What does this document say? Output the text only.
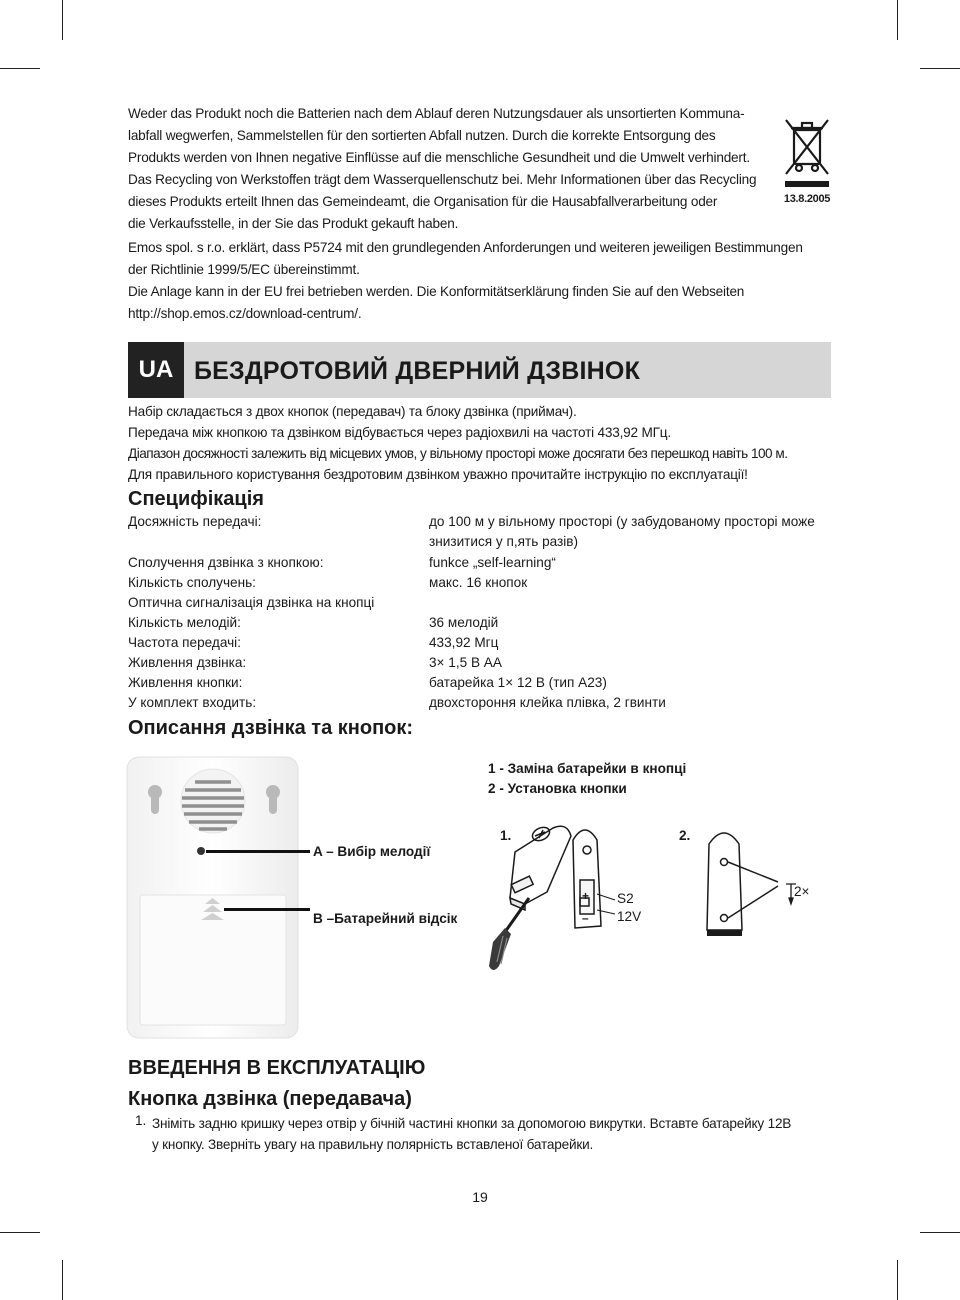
Weder das Produkt noch die Batterien nach dem Ablauf deren Nutzungsdauer als unsortierten Kommuna-

labfall wegwerfen, Sammelstellen für den sortierten Abfall nutzen. Durch die korrekte Entsorgung des

Produkts werden von Ihnen negative Einflüsse auf die menschliche Gesundheit und die Umwelt verhindert.

Das Recycling von Werkstoffen trägt dem Wasserquellenschutz bei. Mehr Informationen über das Recycling

dieses Produkts erteilt Ihnen das Gemeindeamt, die Organisation für die Hausabfallverarbeitung oder

die Verkaufsstelle, in der Sie das Produkt gekauft haben.

13.8.2005

Emos spol. s r.o. erklärt, dass P5724 mit den grundlegenden Anforderungen und weiteren jeweiligen Bestimmungen

der Richtlinie 1999/5/EC übereinstimmt.

Die Anlage kann in der EU frei betrieben werden. Die Konformitätserklärung finden Sie auf den Webseiten

http://shop.emos.cz/download-centrum/.

UA БЕЗДРОТОВИЙ ДВЕРНИЙ ДЗВІНОК

Набір складається з двох кнопок (передавач) та блоку дзвінка (приймач).

Передача між кнопкою та дзвінком відбувається через радіохвилі на частоті 433,92 МГц.

Діапазон досяжності залежить від місцевих умов, у вільному просторі може досягати без перешкод навіть 100 м.

Для правильного користування бездротовим дзвінком уважно прочитайте інструкцію по експлуатації!

Специфікація
Досяжність передачі:	до 100 м у вільному просторі (у забудованому просторі може
знизитися у п,ять разів)
Сполучення дзвінка з кнопкою:	funkce „self-learning“
Кількість сполучень:	макс. 16 кнопок
Оптична сигналізація дзвінка на кнопці
Кількість мелодій:	36 мелодій
Частота передачі:	433,92 Мгц
Живлення дзвінка:	3× 1,5 В АА
Живлення кнопки:	батарейка 1× 12 В (тип А23)
У комплект входить:	двохстороння клейка плівка, 2 гвинти
Описання дзвінка та кнопок:
A – Вибір мелодії
B –Батарейний відсік
1 - Заміна батарейки в кнопці
2 - Установка кнопки
1.	2.
+
–
S2
12V
2×
ВВЕДЕННЯ В ЕКСПЛУАТАЦІЮ
Кнопка дзвінка (передавача)
1. Зніміть задню кришку через отвір у бічній частині кнопки за допомогою викрутки. Вставте батарейку 12В
у кнопку. Зверніть увагу на правильну полярність вставленої батарейки.
19
